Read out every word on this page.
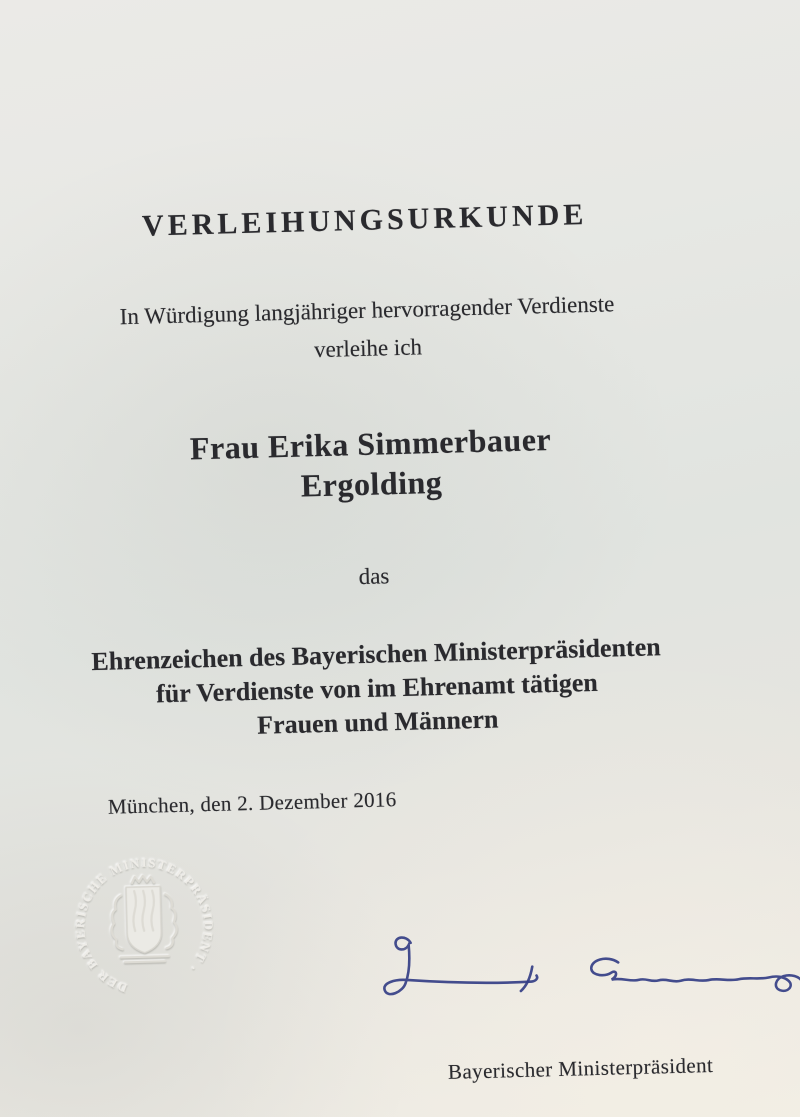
VERLEIHUNGSURKUNDE
In Würdigung langjähriger hervorragender Verdienste
verleihe ich
Frau Erika Simmerbauer
Ergolding
das
Ehrenzeichen des Bayerischen Ministerpräsidenten
für Verdienste von im Ehrenamt tätigen
Frauen und Männern
München, den 2. Dezember 2016
DER BAYERISCHE MINISTERPRÄSIDENT ·
Bayerischer Ministerpräsident
